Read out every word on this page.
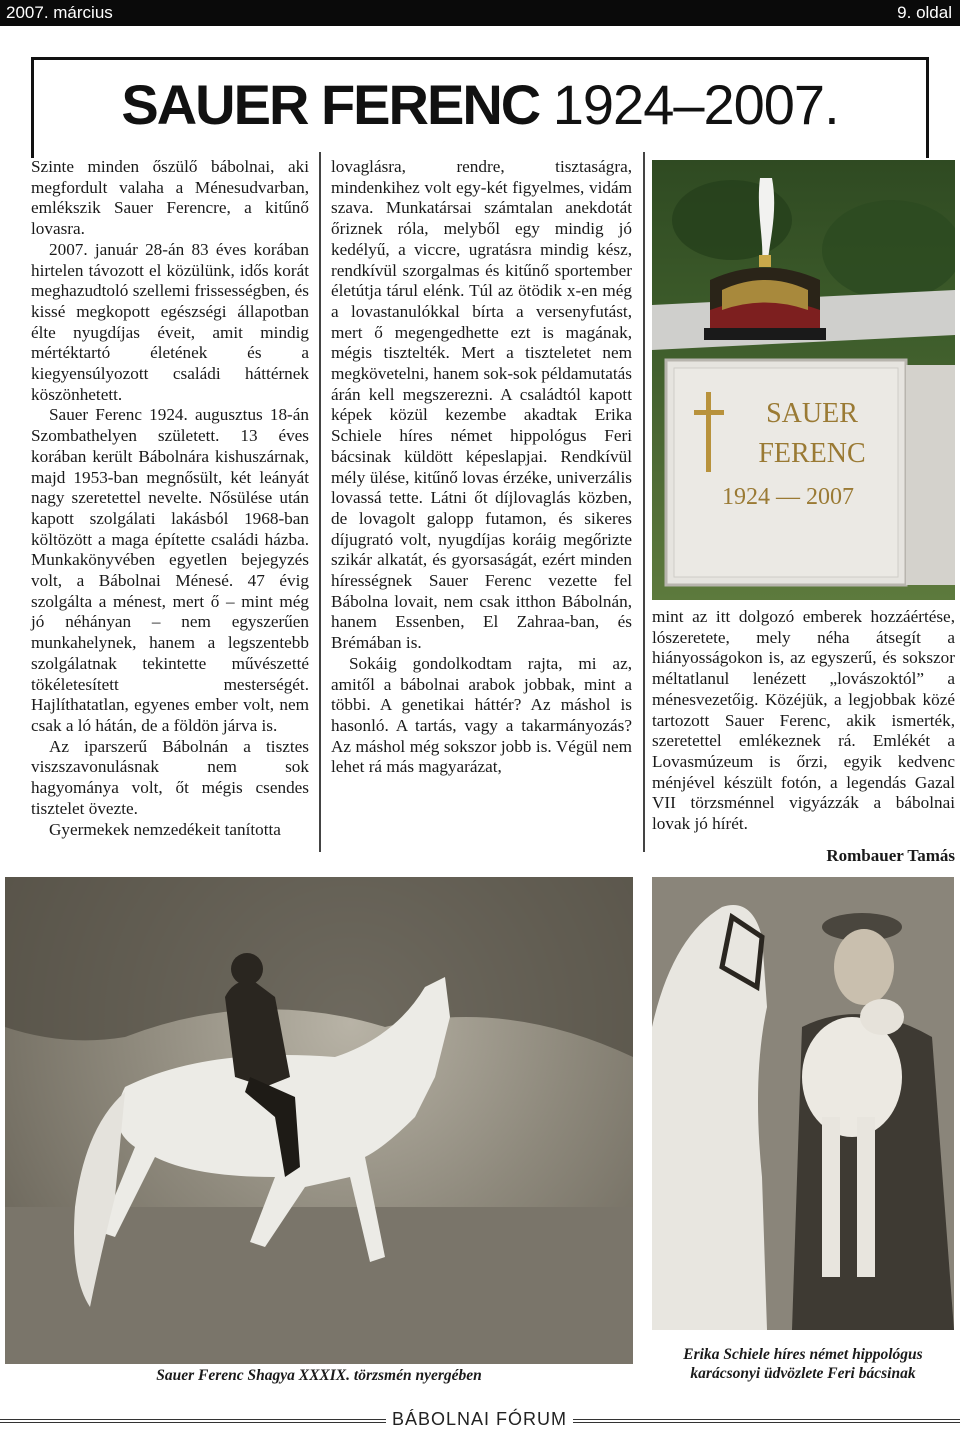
2007. március	9. oldal
SAUER FERENC 1924–2007.

Szinte minden őszülő bábolnai, aki megfordult valaha a Ménesudvarban, emlékszik Sauer Ferencre, a kitűnő lovasra.

2007. január 28-án 83 éves korában hirtelen távozott el közülünk, idős korát meghazudtoló szellemi frissességben, és kissé megkopott egészségi állapotban élte nyugdíjas éveit, amit mindig mértéktartó életének és a kiegyensúlyozott családi háttérnek köszönhetett.

Sauer Ferenc 1924. augusztus 18-án Szombathelyen született. 13 éves korában került Bábolnára kishuszárnak, majd 1953-ban megnősült, két leányát nagy szeretettel nevelte. Nősülése után kapott szolgálati lakásból 1968-ban költözött a maga építette családi házba. Munkakönyvében egyetlen bejegyzés volt, a Bábolnai Ménesé. 47 évig szolgálta a ménest, mert ő – mint még jó néhányan – nem egyszerűen munkahelynek, hanem a legszentebb szolgálatnak tekintette művészetté tökéletesített mesterségét. Hajlíthatatlan, egyenes ember volt, nem csak a ló hátán, de a földön járva is.

Az iparszerű Bábolnán a tisztes viszszavonulásnak nem sok hagyománya volt, őt mégis csendes tisztelet övezte.

Gyermekek nemzedékeit tanította

lovaglásra, rendre, tisztaságra, mindenkihez volt egy-két figyelmes, vidám szava. Munkatársai számtalan anekdotát őriznek róla, melyből egy mindig jó kedélyű, a viccre, ugratásra mindig kész, rendkívül szorgalmas és kitűnő sportember életútja tárul elénk. Túl az ötödik x-en még a lovastanulókkal bírta a versenyfutást, mert ő megengedhette ezt is magának, mégis tisztelték. Mert a tiszteletet nem megkövetelni, hanem sok-sok példamutatás árán kell megszerezni. A családtól kapott képek közül kezembe akadtak Erika Schiele híres német hippológus Feri bácsinak küldött képeslapjai. Rendkívül mély ülése, kitűnő lovas érzéke, univerzális lovassá tette. Látni őt díjlovaglás közben, de lovagolt galopp futamon, és sikeres díjugrató volt, nyugdíjas koráig megőrizte szikár alkatát, és gyorsaságát, ezért minden hírességnek Sauer Ferenc vezette fel Bábolna lovait, nem csak itthon Bábolnán, hanem Essenben, El Zahraa-ban, és Brémában is.

Sokáig gondolkodtam rajta, mi az, amitől a bábolnai arabok jobbak, mint a többi. A genetikai háttér? Az máshol is hasonló. A tartás, vagy a takarmányozás? Az máshol még sokszor jobb is. Végül nem lehet rá más magyarázat,

SAUER
FERENC
1924 — 2007

mint az itt dolgozó emberek hozzáértése, lószeretete, mely néha átsegít a hiányosságokon is, az egyszerű, és sokszor méltatlanul lenézett „lovászoktól” a ménesvezetőig. Közéjük, a legjobbak közé tartozott Sauer Ferenc, akik ismerték, szeretettel emlékeznek rá. Emlékét a Lovasmúzeum is őrzi, egyik kedvenc ménjével készült fotón, a legendás Gazal VII törzsménnel vigyázzák a bábolnai lovak jó hírét.

Rombauer Tamás
Sauer Ferenc Shagya XXXIX. törzsmén nyergében
Erika Schiele híres német hippológus
karácsonyi üdvözlete Feri bácsinak
BÁBOLNAI FÓRUM
